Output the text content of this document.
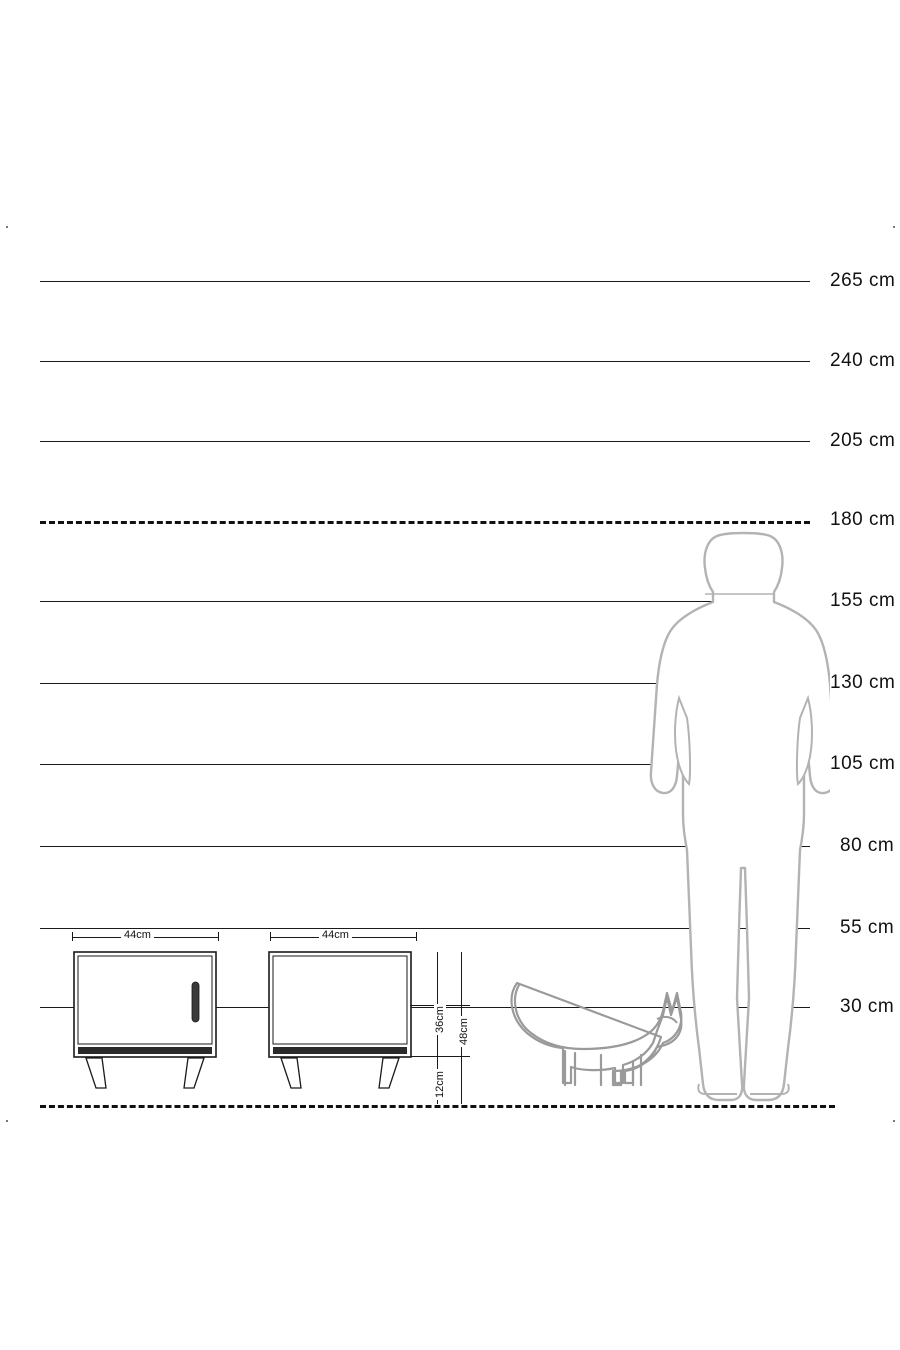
265 cm
240 cm
205 cm
180 cm
155 cm
130 cm
105 cm
80 cm
55 cm
30 cm
44cm	44cm
36cm
12cm
48cm
